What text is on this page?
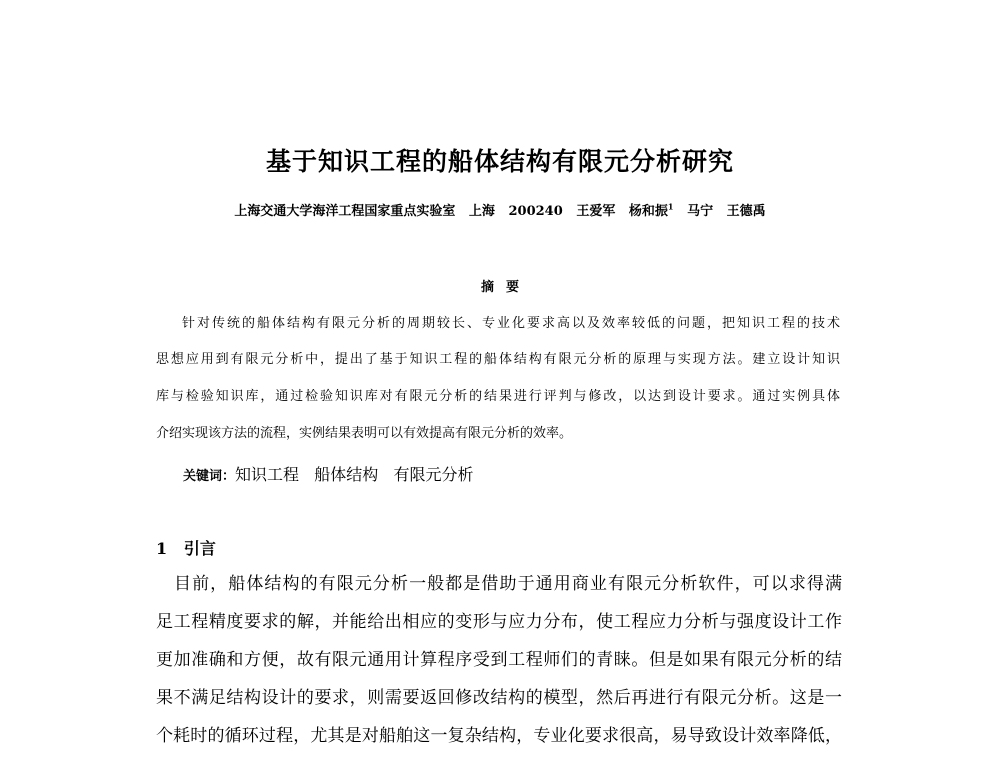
基于知识工程的船体结构有限元分析研究
上海交通大学海洋工程国家重点实验室   上海   200240   王爱军   杨和振$^1$   马宁   王德禹
摘要
针对传统的船体结构有限元分析的周期较长、专业化要求高以及效率较低的问题，把知识工程的技术
思想应用到有限元分析中，提出了基于知识工程的船体结构有限元分析的原理与实现方法。建立设计知识
库与检验知识库，通过检验知识库对有限元分析的结果进行评判与修改，以达到设计要求。通过实例具体
介绍实现该方法的流程，实例结果表明可以有效提高有限元分析的效率。
关键词：知识工程   船体结构   有限元分析
1   引言
目前，船体结构的有限元分析一般都是借助于通用商业有限元分析软件，可以求得满
足工程精度要求的解，并能给出相应的变形与应力分布，使工程应力分析与强度设计工作
更加准确和方便，故有限元通用计算程序受到工程师们的青睐。但是如果有限元分析的结
果不满足结构设计的要求，则需要返回修改结构的模型，然后再进行有限元分析。这是一
个耗时的循环过程，尤其是对船舶这一复杂结构，专业化要求很高，易导致设计效率降低，
